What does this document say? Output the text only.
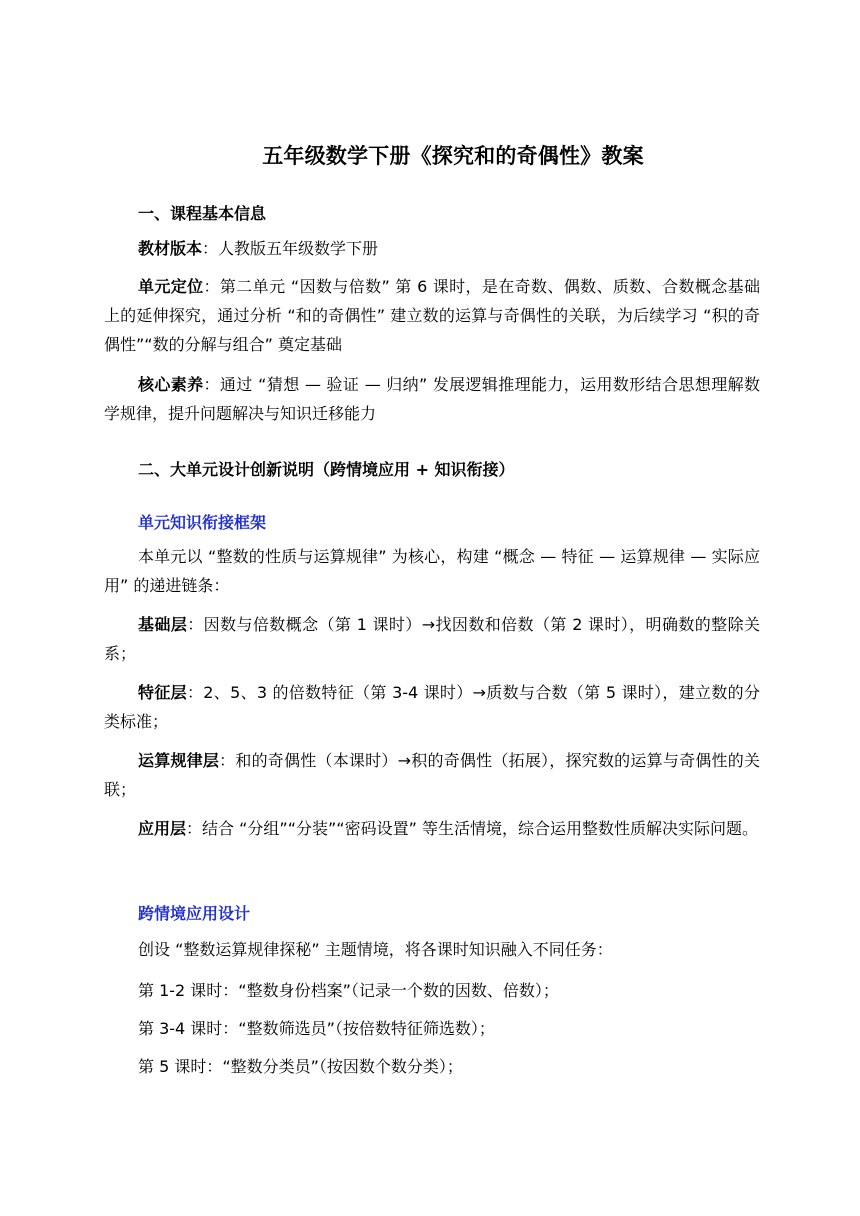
五年级数学下册《探究和的奇偶性》教案
一、课程基本信息
教材版本：人教版五年级数学下册
单元定位：第二单元 “因数与倍数” 第 6 课时，是在奇数、偶数、质数、合数概念基础上的延伸探究，通过分析 “和的奇偶性” 建立数的运算与奇偶性的关联，为后续学习 “积的奇偶性”“数的分解与组合” 奠定基础
核心素养：通过 “猜想 — 验证 — 归纳” 发展逻辑推理能力，运用数形结合思想理解数学规律，提升问题解决与知识迁移能力
二、大单元设计创新说明（跨情境应用 + 知识衔接）
单元知识衔接框架
本单元以 “整数的性质与运算规律” 为核心，构建 “概念 — 特征 — 运算规律 — 实际应用” 的递进链条：
基础层：因数与倍数概念（第 1 课时）→找因数和倍数（第 2 课时），明确数的整除关系；
特征层：2、5、3 的倍数特征（第 3-4 课时）→质数与合数（第 5 课时），建立数的分类标准；
运算规律层：和的奇偶性（本课时）→积的奇偶性（拓展），探究数的运算与奇偶性的关联；
应用层：结合 “分组”“分装”“密码设置” 等生活情境，综合运用整数性质解决实际问题。
跨情境应用设计
创设 “整数运算规律探秘” 主题情境，将各课时知识融入不同任务：
第 1-2 课时：“整数身份档案”（记录一个数的因数、倍数）；
第 3-4 课时：“整数筛选员”（按倍数特征筛选数）；
第 5 课时：“整数分类员”（按因数个数分类）；
